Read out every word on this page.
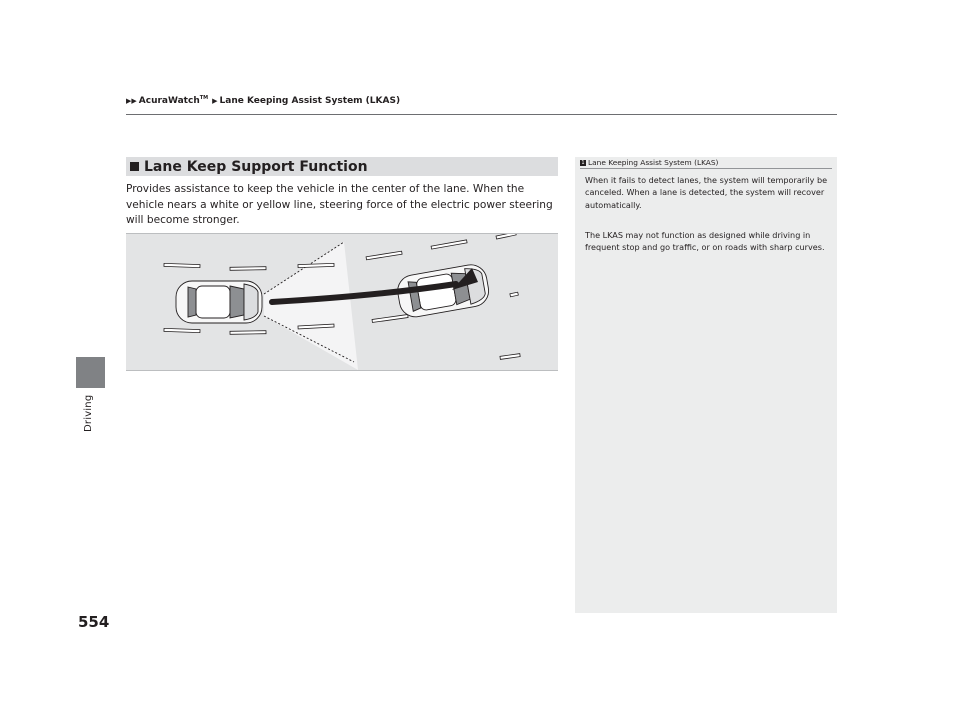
▶▶ AcuraWatch™ ▶ Lane Keeping Assist System (LKAS)
Driving
554
Lane Keep Support Function
Provides assistance to keep the vehicle in the center of the lane. When the vehicle nears a white or yellow line, steering force of the electric power steering will become stronger.
1 Lane Keeping Assist System (LKAS)
When it fails to detect lanes, the system will temporarily be canceled. When a lane is detected, the system will recover automatically.
The LKAS may not function as designed while driving in frequent stop and go traffic, or on roads with sharp curves.
